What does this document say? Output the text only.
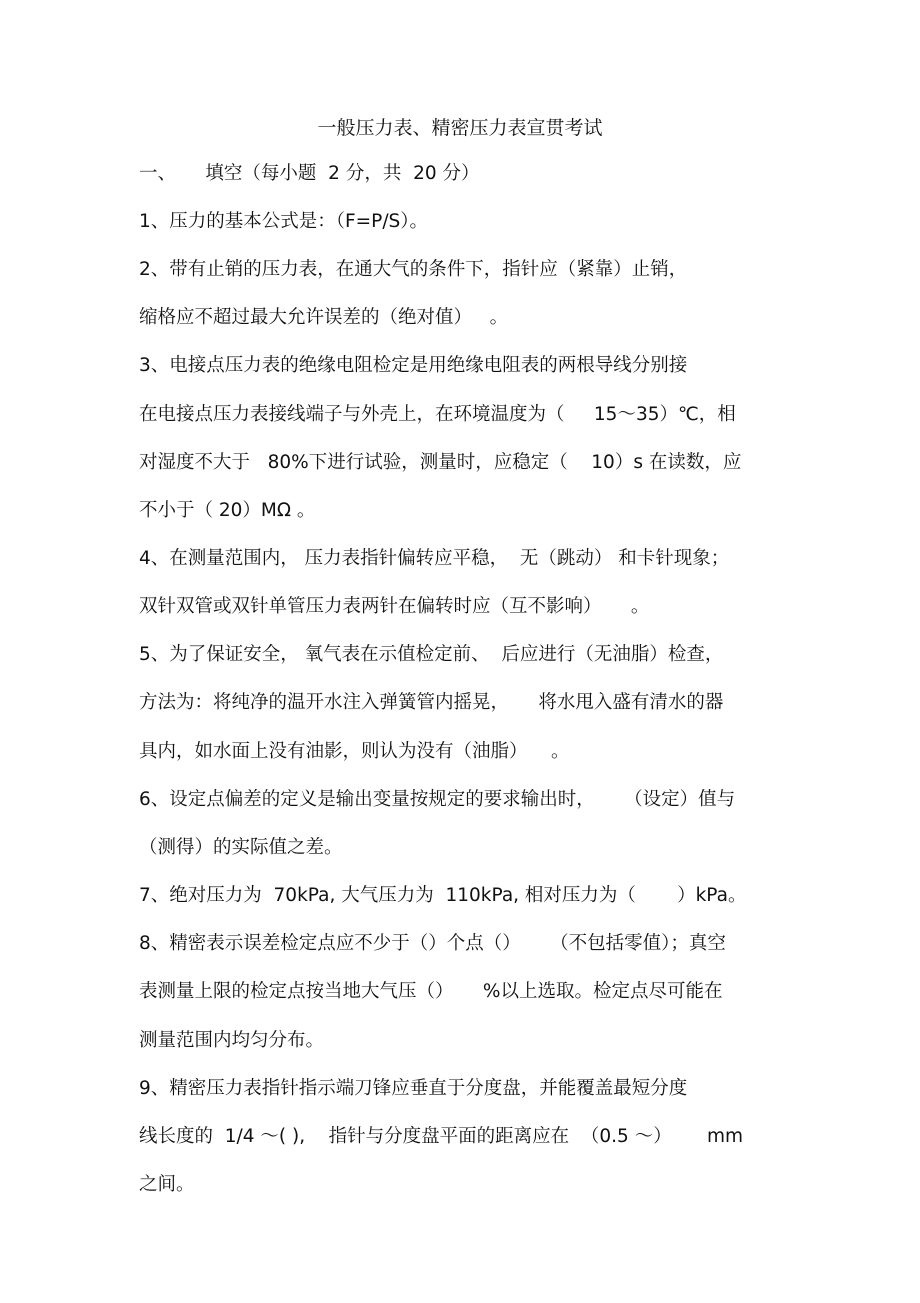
一般压力表、精密压力表宣贯考试
一、     填空（每小题  2 分，共  20 分）
1、压力的基本公式是：（F=P/S）。
2、带有止销的压力表，在通大气的条件下，指针应（紧靠）止销，
缩格应不超过最大允许误差的（绝对值）   。
3、电接点压力表的绝缘电阻检定是用绝缘电阻表的两根导线分别接
在电接点压力表接线端子与外壳上，在环境温度为（     15～35）℃，相
对湿度不大于   80%下进行试验，测量时，应稳定（    10）s 在读数，应
不小于（ 20）MΩ 。
4、在测量范围内， 压力表指针偏转应平稳，  无（跳动） 和卡针现象；
双针双管或双针单管压力表两针在偏转时应（互不影响）     。
5、为了保证安全， 氧气表在示值检定前、  后应进行（无油脂）检查，
方法为：将纯净的温开水注入弹簧管内摇晃，     将水甩入盛有清水的器
具内，如水面上没有油影，则认为没有（油脂）    。
6、设定点偏差的定义是输出变量按规定的要求输出时，     （设定）值与
（测得）的实际值之差。
7、绝对压力为  70kPa, 大气压力为  110kPa, 相对压力为（       ）kPa。
8、精密表示误差检定点应不少于（）个点（）     （不包括零值）；真空
表测量上限的检定点按当地大气压（）     %以上选取。检定点尽可能在
测量范围内均匀分布。
9、精密压力表指针指示端刀锋应垂直于分度盘，并能覆盖最短分度
线长度的  1/4 ～( ),    指针与分度盘平面的距离应在  （0.5 ～）      mm
之间。
